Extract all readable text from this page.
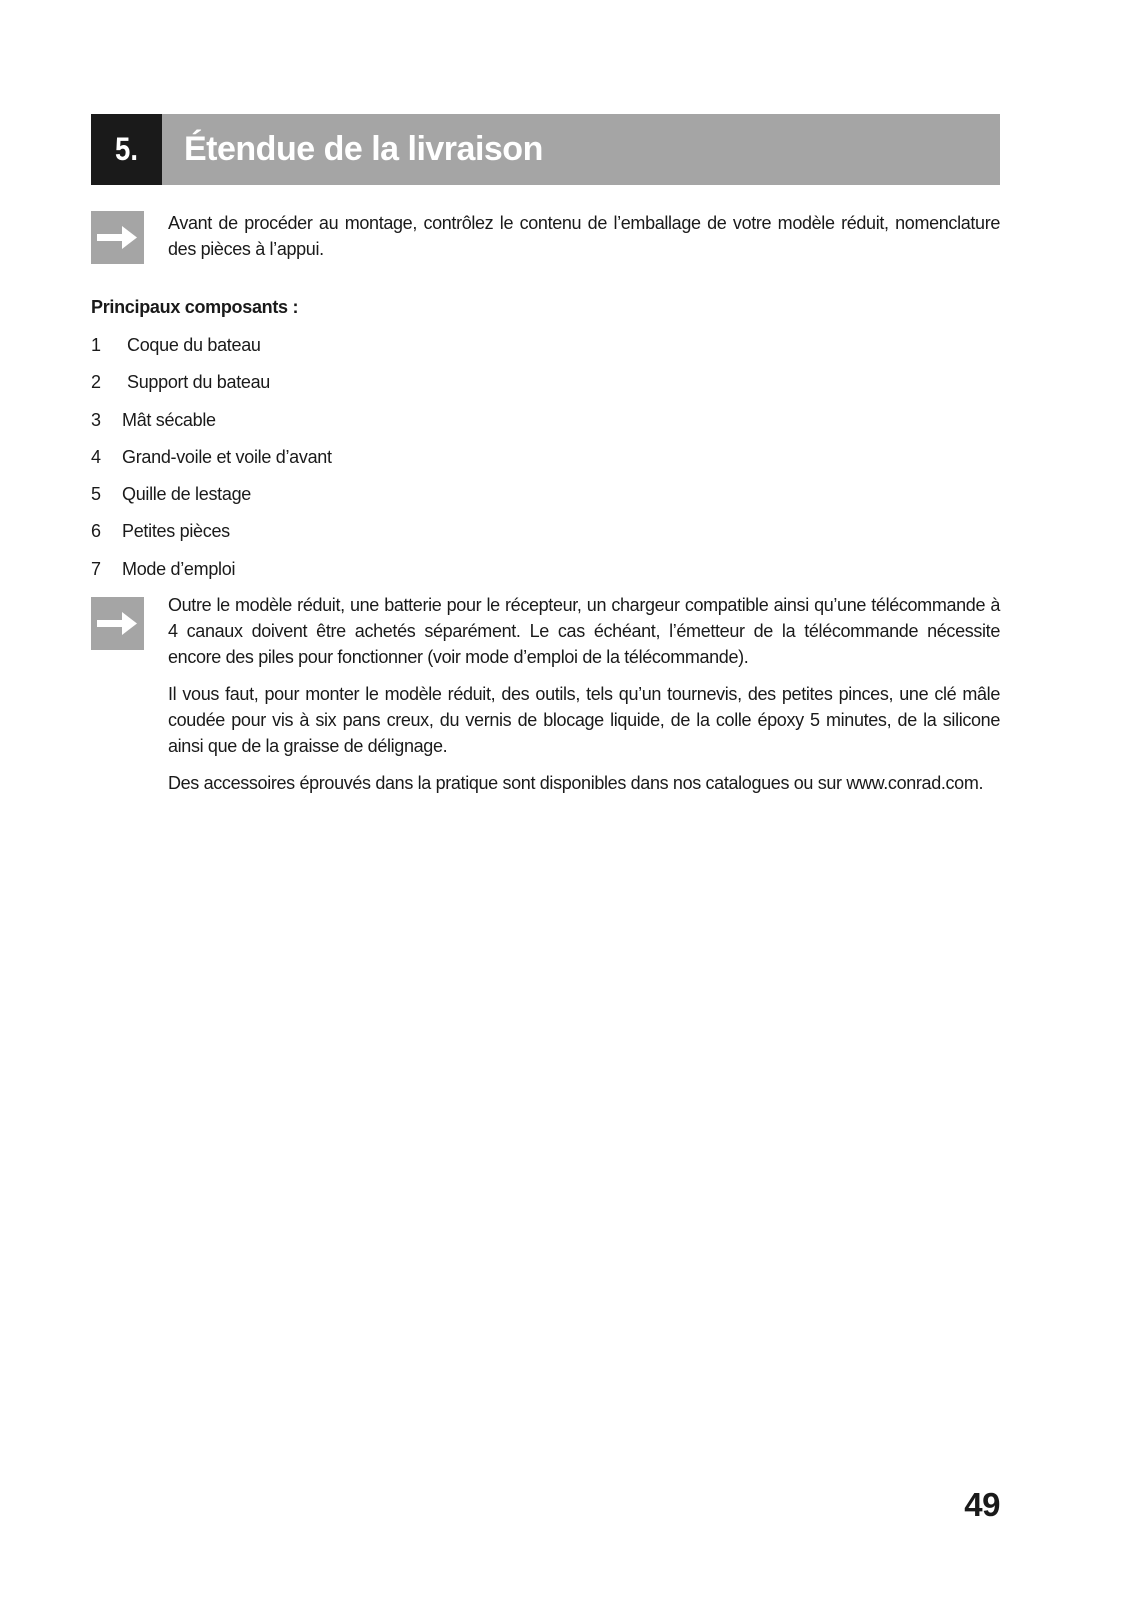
5.	Étendue de la livraison

Avant de procéder au montage, contrôlez le contenu de l’emballage de votre modèle réduit, nomenclature des pièces à l’appui.

Principaux composants :
1	Coque du bateau
2	Support du bateau
3	Mât sécable
4	Grand-voile et voile d’avant
5	Quille de lestage
6	Petites pièces
7	Mode d’emploi

Outre le modèle réduit, une batterie pour le récepteur, un chargeur compatible ainsi qu’une télécommande à 4 canaux doivent être achetés séparément. Le cas échéant, l’émetteur de la télécommande nécessite encore des piles pour fonctionner (voir mode d’emploi de la télécommande).

Il vous faut, pour monter le modèle réduit, des outils, tels qu’un tournevis, des petites pinces, une clé mâle coudée pour vis à six pans creux, du vernis de blocage liquide, de la colle époxy 5 minutes, de la silicone ainsi que de la graisse de délignage.

Des accessoires éprouvés dans la pratique sont disponibles dans nos catalogues ou sur www.conrad.com.

49
